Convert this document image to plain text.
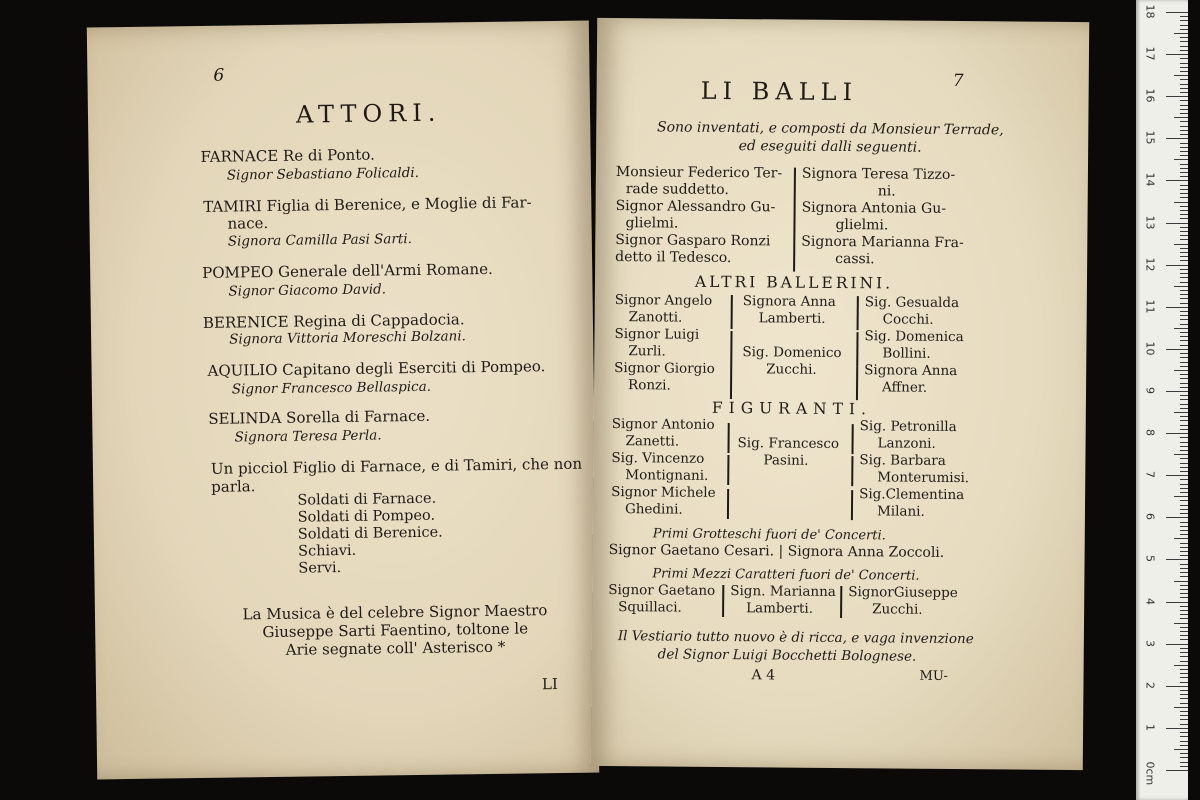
6
ATTORI.
FARNACE Re di Ponto.
Signor Sebastiano Folicaldi.
TAMIRI Figlia di Berenice, e Moglie di Far-
nace.
Signora Camilla Pasi Sarti.
POMPEO Generale dell'Armi Romane.
Signor Giacomo David.
BERENICE Regina di Cappadocia.
Signora Vittoria Moreschi Bolzani.
AQUILIO Capitano degli Eserciti di Pompeo.
Signor Francesco Bellaspica.
SELINDA Sorella di Farnace.
Signora Teresa Perla.
Un picciol Figlio di Farnace, e di Tamiri, che non
parla.
Soldati di Farnace.
Soldati di Pompeo.
Soldati di Berenice.
Schiavi.
Servi.
La Musica è del celebre Signor Maestro
Giuseppe Sarti Faentino, toltone le
Arie segnate coll' Asterisco *
LI
LI BALLI	7
Sono inventati, e composti da Monsieur Terrade,
ed eseguiti dalli seguenti.
Monsieur Federico Ter-
rade suddetto.
Signor Alessandro Gu-
glielmi.
Signor Gasparo Ronzi
detto il Tedesco.
Signora Teresa Tizzo-
ni.
Signora Antonia Gu-
glielmi.
Signora Marianna Fra-
cassi.
ALTRI BALLERINI.
Signor Angelo
Zanotti.
Signor Luigi
Zurli.
Signor Giorgio
Ronzi.
Signora Anna
Lamberti.
Sig. Domenico
Zucchi.
Sig. Gesualda
Cocchi.
Sig. Domenica
Bollini.
Signora Anna
Affner.
FIGURANTI.
Signor Antonio
Zanetti.
Sig. Vincenzo
Montignani.
Signor Michele
Ghedini.
Sig. Francesco
Pasini.
Sig. Petronilla
Lanzoni.
Sig. Barbara
Monterumisi.
Sig.Clementina
Milani.
Primi Grotteschi fuori de' Concerti.
Signor Gaetano Cesari. | Signora Anna Zoccoli.
Primi Mezzi Caratteri fuori de' Concerti.
Signor Gaetano
Squillaci.
Sign. Marianna
Lamberti.
SignorGiuseppe
Zucchi.
Il Vestiario tutto nuovo è di ricca, e vaga invenzione
del Signor Luigi Bocchetti Bolognese.
A 4	MU-
18
17
16
15
14
13
12
11
10
9
8
7
6
5
4
3
2
1
0cm
